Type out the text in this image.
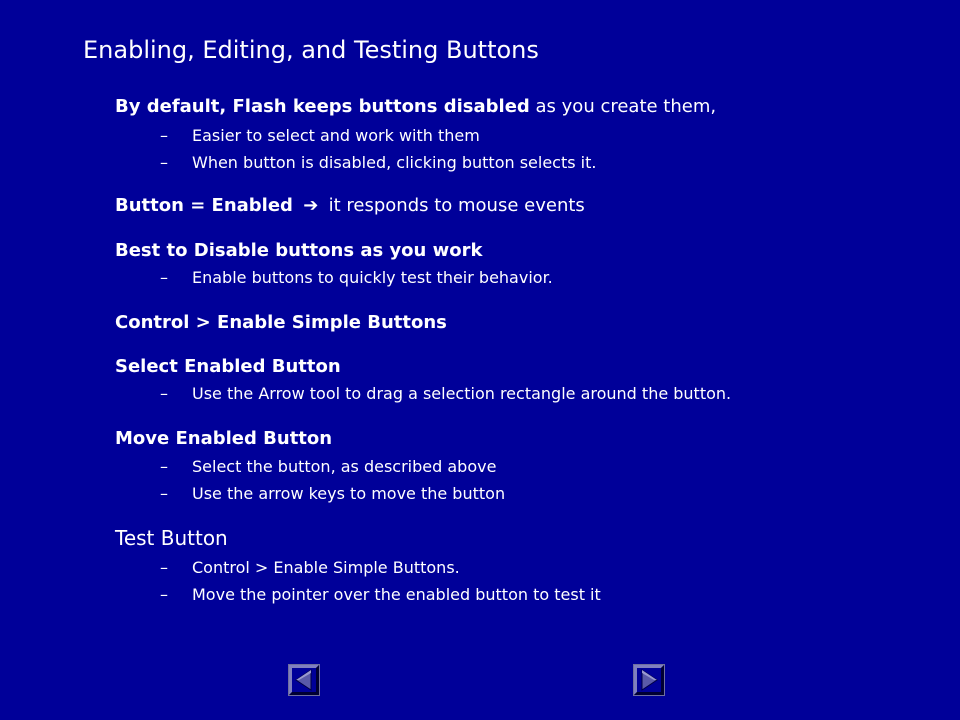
Enabling, Editing, and Testing Buttons
By default, Flash keeps buttons disabled as you create them,
– Easier to select and work with them
– When button is disabled, clicking button selects it.
Button = Enabled ➔ it responds to mouse events
Best to Disable buttons as you work
– Enable buttons to quickly test their behavior.
Control > Enable Simple Buttons
Select Enabled Button
– Use the Arrow tool to drag a selection rectangle around the button.
Move Enabled Button
– Select the button, as described above
– Use the arrow keys to move the button
Test Button
– Control > Enable Simple Buttons.
– Move the pointer over the enabled button to test it
